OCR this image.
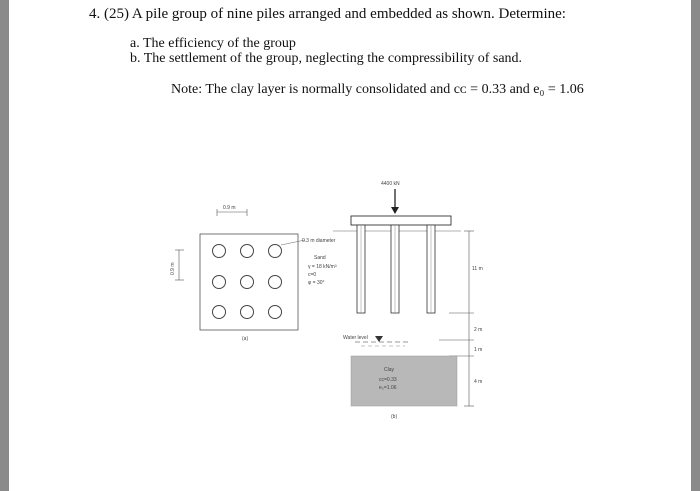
4. (25) A pile group of nine piles arranged and embedded as shown. Determine:
a. The efficiency of the group
b. The settlement of the group, neglecting the compressibility of sand.
Note: The clay layer is normally consolidated and cᴄ = 0.33 and e₀ = 1.06
0.9 m
0.9 m
0.3 m diameter
(a)
4400 kN
Sand
γ = 18 kN/m³
c=0
φ = 30°
11 m
2 m
1 m
4 m
Water level
Clay
cᴄ=0.33
e₀=1.06
(b)
